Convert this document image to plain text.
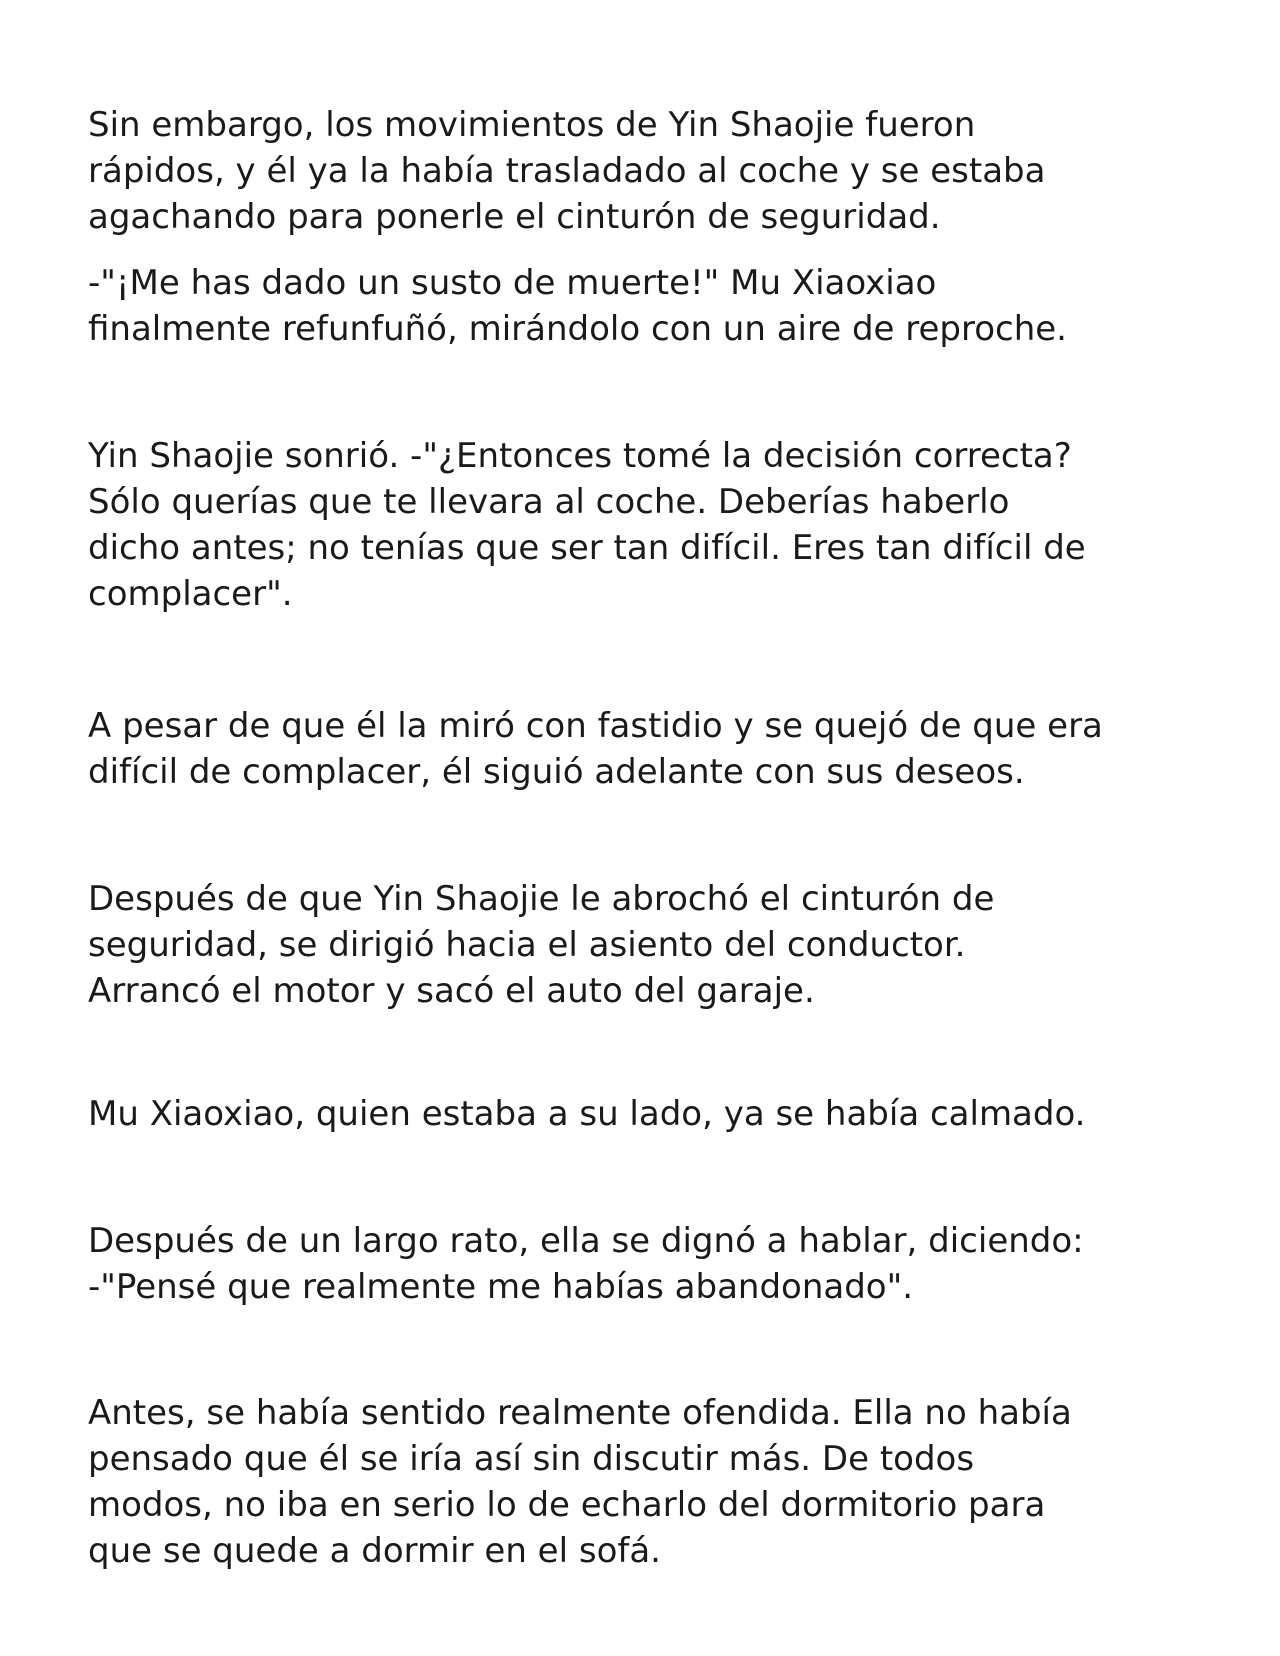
Sin embargo, los movimientos de Yin Shaojie fueron
rápidos, y él ya la había trasladado al coche y se estaba
agachando para ponerle el cinturón de seguridad.

-"¡Me has dado un susto de muerte!" Mu Xiaoxiao
finalmente refunfuñó, mirándolo con un aire de reproche.

Yin Shaojie sonrió. -"¿Entonces tomé la decisión correcta?
Sólo querías que te llevara al coche. Deberías haberlo
dicho antes; no tenías que ser tan difícil. Eres tan difícil de
complacer".

A pesar de que él la miró con fastidio y se quejó de que era
difícil de complacer, él siguió adelante con sus deseos.

Después de que Yin Shaojie le abrochó el cinturón de
seguridad, se dirigió hacia el asiento del conductor.
Arrancó el motor y sacó el auto del garaje.

Mu Xiaoxiao, quien estaba a su lado, ya se había calmado.

Después de un largo rato, ella se dignó a hablar, diciendo:
-"Pensé que realmente me habías abandonado".

Antes, se había sentido realmente ofendida. Ella no había
pensado que él se iría así sin discutir más. De todos
modos, no iba en serio lo de echarlo del dormitorio para
que se quede a dormir en el sofá.
